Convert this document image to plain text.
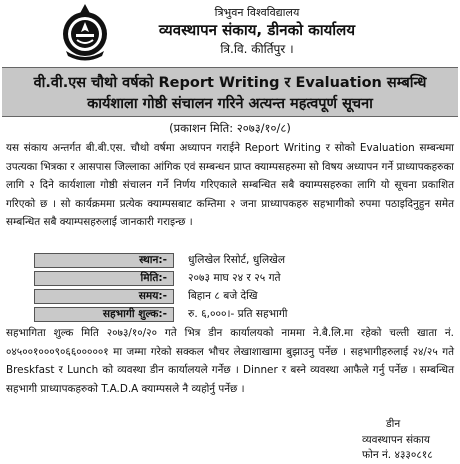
त्रिभुवन विश्वविद्यालय
व्यवस्थापन संकाय, डीनको कार्यालय
त्रि.वि. कीर्तिपुर ।
वी.वी.एस चौथो वर्षको Report Writing र Evaluation सम्बन्धि
कार्यशाला गोष्ठी संचालन गरिने अत्यन्त महत्वपूर्ण सूचना
(प्रकाशन मिति: २०७३/१०/८)
यस संकाय अन्तर्गत बी.बी.एस. चौथो वर्षमा अध्यापन गराईने Report Writing र सोको Evaluation सम्बन्धमा उपत्यका भित्रका र आसपास जिल्लाका आंगिक एवं सम्बन्धन प्राप्त क्याम्पसहरुमा सो विषय अध्यापन गर्ने प्राध्यापकहरुका लागि २ दिने कार्यशाला गोष्ठी संचालन गर्ने निर्णय गरिएकाले सम्बन्धित सबै क्याम्पसहरुका लागि यो सूचना प्रकाशित गरिएको छ । सो कार्यक्रममा प्रत्येक क्याम्पसबाट कम्तिमा २ जना प्राध्यापकहरु सहभागीको रुपमा पठाइदिनुहुन समेत सम्बन्धित सबै क्याम्पसहरुलाई जानकारी गराइन्छ ।
स्थान:-	धुलिखेल रिसोर्ट, धुलिखेल
मिति:-	२०७३ माघ २४ र २५ गते
समय:-	बिहान ८ बजे देखि
सहभागी शुल्क:-	रु. ६,०००।- प्रति सहभागी
सहभागिता शुल्क मिति २०७३/१०/२० गते भित्र डीन कार्यालयको नाममा ने.बै.लि.मा रहेको चल्ती खाता नं. ०४५००१०००९०६६०००००१ मा जम्मा गरेको सक्कल भौचर लेखाशाखामा बुझाउनु पर्नेछ । सहभागीहरुलाई २४/२५ गते Breskfast र Lunch को व्यवस्था डीन कार्यालयले गर्नेछ । Dinner र बस्ने व्यवस्था आफैले गर्नु पर्नेछ । सम्बन्धित सहभागी प्राध्यापकहरुको T.A.D.A क्याम्पसले नै व्यहोर्नु पर्नेछ ।
डीन
व्यवस्थापन संकाय
फोन नं. ४३३०८१८
